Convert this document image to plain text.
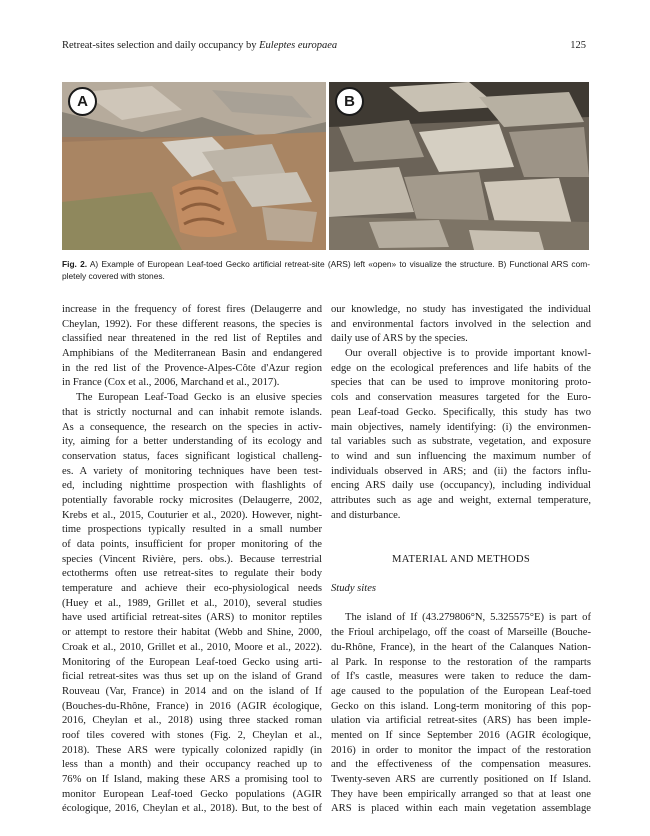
Retreat-sites selection and daily occupancy by Euleptes europaea	125
A	B
Fig. 2. A) Example of European Leaf-toed Gecko artificial retreat-site (ARS) left «open» to visualize the structure. B) Functional ARS com-
pletely covered with stones.
increase in the frequency of forest fires (Delaugerre and
Cheylan, 1992). For these different reasons, the species is
classified near threatened in the red list of Reptiles and
Amphibians of the Mediterranean Basin and endangered
in the red list of the Provence-Alpes-Côte d'Azur region
in France (Cox et al., 2006, Marchand et al., 2017).
The European Leaf-Toad Gecko is an elusive species
that is strictly nocturnal and can inhabit remote islands.
As a consequence, the research on the species in activ-
ity, aiming for a better understanding of its ecology and
conservation status, faces significant logistical challeng-
es. A variety of monitoring techniques have been test-
ed, including nighttime prospection with flashlights of
potentially favorable rocky microsites (Delaugerre, 2002,
Krebs et al., 2015, Couturier et al., 2020). However, night-
time prospections typically resulted in a small number
of data points, insufficient for proper monitoring of the
species (Vincent Rivière, pers. obs.). Because terrestrial
ectotherms often use retreat-sites to regulate their body
temperature and achieve their eco-physiological needs
(Huey et al., 1989, Grillet et al., 2010), several studies
have used artificial retreat-sites (ARS) to monitor reptiles
or attempt to restore their habitat (Webb and Shine, 2000,
Croak et al., 2010, Grillet et al., 2010, Moore et al., 2022).
Monitoring of the European Leaf-toed Gecko using arti-
ficial retreat-sites was thus set up on the island of Grand
Rouveau (Var, France) in 2014 and on the island of If
(Bouches-du-Rhône, France) in 2016 (AGIR écologique,
2016, Cheylan et al., 2018) using three stacked roman
roof tiles covered with stones (Fig. 2, Cheylan et al.,
2018). These ARS were typically colonized rapidly (in
less than a month) and their occupancy reached up to
76% on If Island, making these ARS a promising tool to
monitor European Leaf-toed Gecko populations (AGIR
écologique, 2016, Cheylan et al., 2018). But, to the best of
our knowledge, no study has investigated the individual
and environmental factors involved in the selection and
daily use of ARS by the species.
Our overall objective is to provide important knowl-
edge on the ecological preferences and life habits of the
species that can be used to improve monitoring proto-
cols and conservation measures targeted for the Euro-
pean Leaf-toad Gecko. Specifically, this study has two
main objectives, namely identifying: (i) the environmen-
tal variables such as substrate, vegetation, and exposure
to wind and sun influencing the maximum number of
individuals observed in ARS; and (ii) the factors influ-
encing ARS daily use (occupancy), including individual
attributes such as age and weight, external temperature,
and disturbance.
MATERIAL AND METHODS
Study sites
The island of If (43.279806°N, 5.325575°E) is part of
the Frioul archipelago, off the coast of Marseille (Bouche-
du-Rhône, France), in the heart of the Calanques Nation-
al Park. In response to the restoration of the ramparts
of If's castle, measures were taken to reduce the dam-
age caused to the population of the European Leaf-toed
Gecko on this island. Long-term monitoring of this pop-
ulation via artificial retreat-sites (ARS) has been imple-
mented on If since September 2016 (AGIR écologique,
2016) in order to monitor the impact of the restoration
and the effectiveness of the compensation measures.
Twenty-seven ARS are currently positioned on If Island.
They have been empirically arranged so that at least one
ARS is placed within each main vegetation assemblage
